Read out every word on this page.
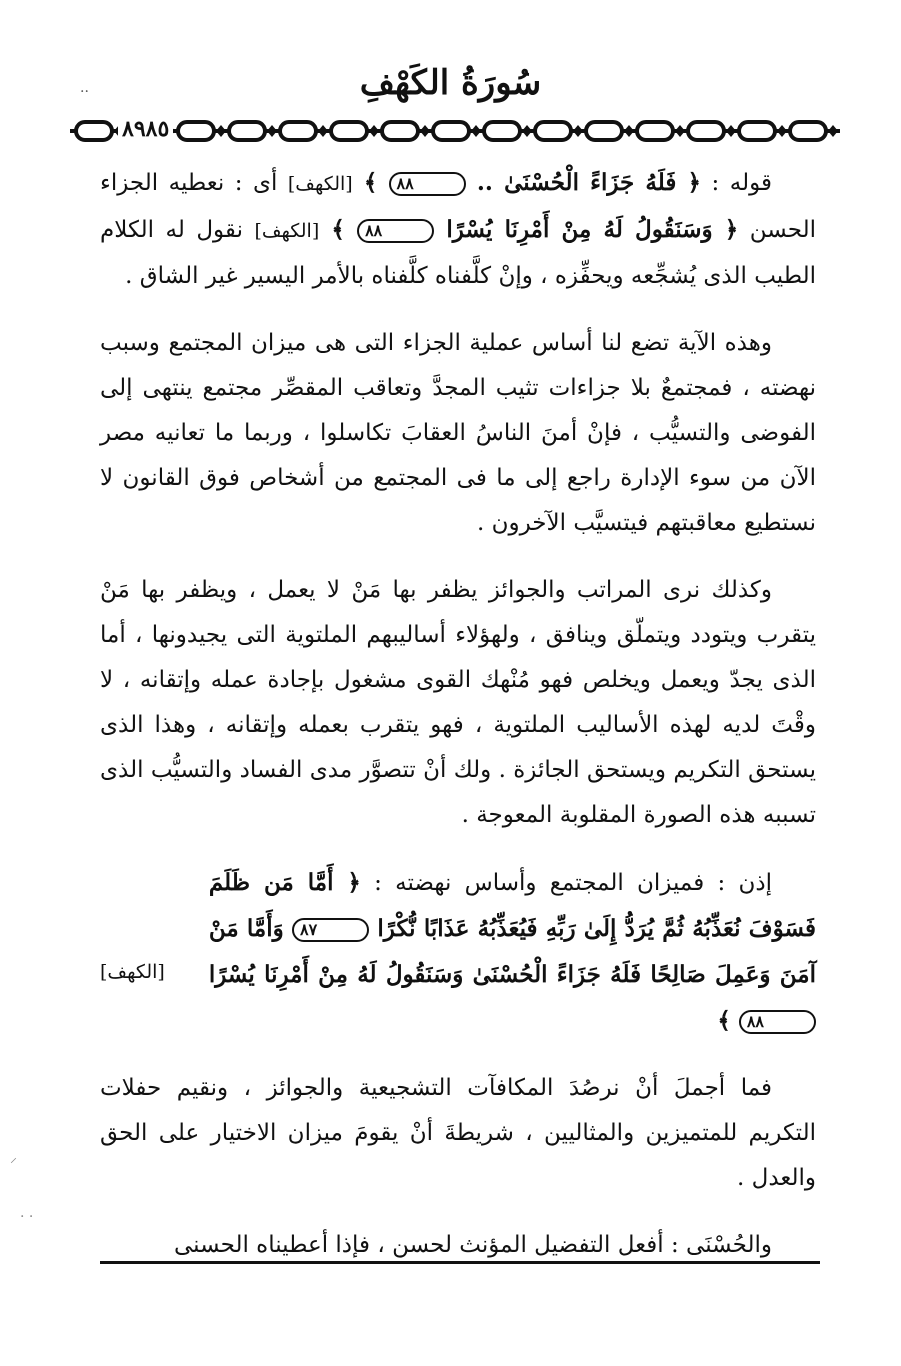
سُورَةُ الكَهْفِ
..
٨٩٨٥

قوله : ﴿ فَلَهُ جَزَاءً الْحُسْنَىٰ .. ٨٨ ﴾ [الكهف] أى : نعطيه الجزاء الحسن ﴿ وَسَنَقُولُ لَهُ مِنْ أَمْرِنَا يُسْرًا ٨٨ ﴾ [الكهف] نقول له الكلام الطيب الذى يُشجِّعه ويحفِّزه ، وإنْ كلَّفناه كلَّفناه بالأمر اليسير غير الشاق .

وهذه الآية تضع لنا أساس عملية الجزاء التى هى ميزان المجتمع وسبب نهضته ، فمجتمعٌ بلا جزاءات تثيب المجدَّ وتعاقب المقصِّر مجتمع ينتهى إلى الفوضى والتسيُّب ، فإنْ أمنَ الناسُ العقابَ تكاسلوا ، وربما ما تعانيه مصر الآن من سوء الإدارة راجع إلى ما فى المجتمع من أشخاص فوق القانون لا نستطيع معاقبتهم فيتسيَّب الآخرون .

وكذلك نرى المراتب والجوائز يظفر بها مَنْ لا يعمل ، ويظفر بها مَنْ يتقرب ويتودد ويتملّق وينافق ، ولهؤلاء أساليبهم الملتوية التى يجيدونها ، أما الذى يجدّ ويعمل ويخلص فهو مُنْهك القوى مشغول بإجادة عمله وإتقانه ، لا وقْتَ لديه لهذه الأساليب الملتوية ، فهو يتقرب بعمله وإتقانه ، وهذا الذى يستحق التكريم ويستحق الجائزة . ولك أنْ تتصوَّر مدى الفساد والتسيُّب الذى تسببه هذه الصورة المقلوبة المعوجة .

[الكهف]
إذن : فميزان المجتمع وأساس نهضته : ﴿ أَمَّا مَن ظَلَمَ فَسَوْفَ نُعَذِّبُهُ ثُمَّ يُرَدُّ إِلَىٰ رَبِّهِ فَيُعَذِّبُهُ عَذَابًا نُّكْرًا ٨٧ وَأَمَّا مَنْ آمَنَ وَعَمِلَ صَالِحًا فَلَهُ جَزَاءً الْحُسْنَىٰ وَسَنَقُولُ لَهُ مِنْ أَمْرِنَا يُسْرًا ٨٨ ﴾

فما أجملَ أنْ نرصُدَ المكافآت التشجيعية والجوائز ، ونقيم حفلات التكريم للمتميزين والمثاليين ، شريطةَ أنْ يقومَ ميزان الاختيار على الحق والعدل .

والحُسْنَى : أفعل التفضيل المؤنث لحسن ، فإذا أعطيناه الحسنى

⸜
. .
